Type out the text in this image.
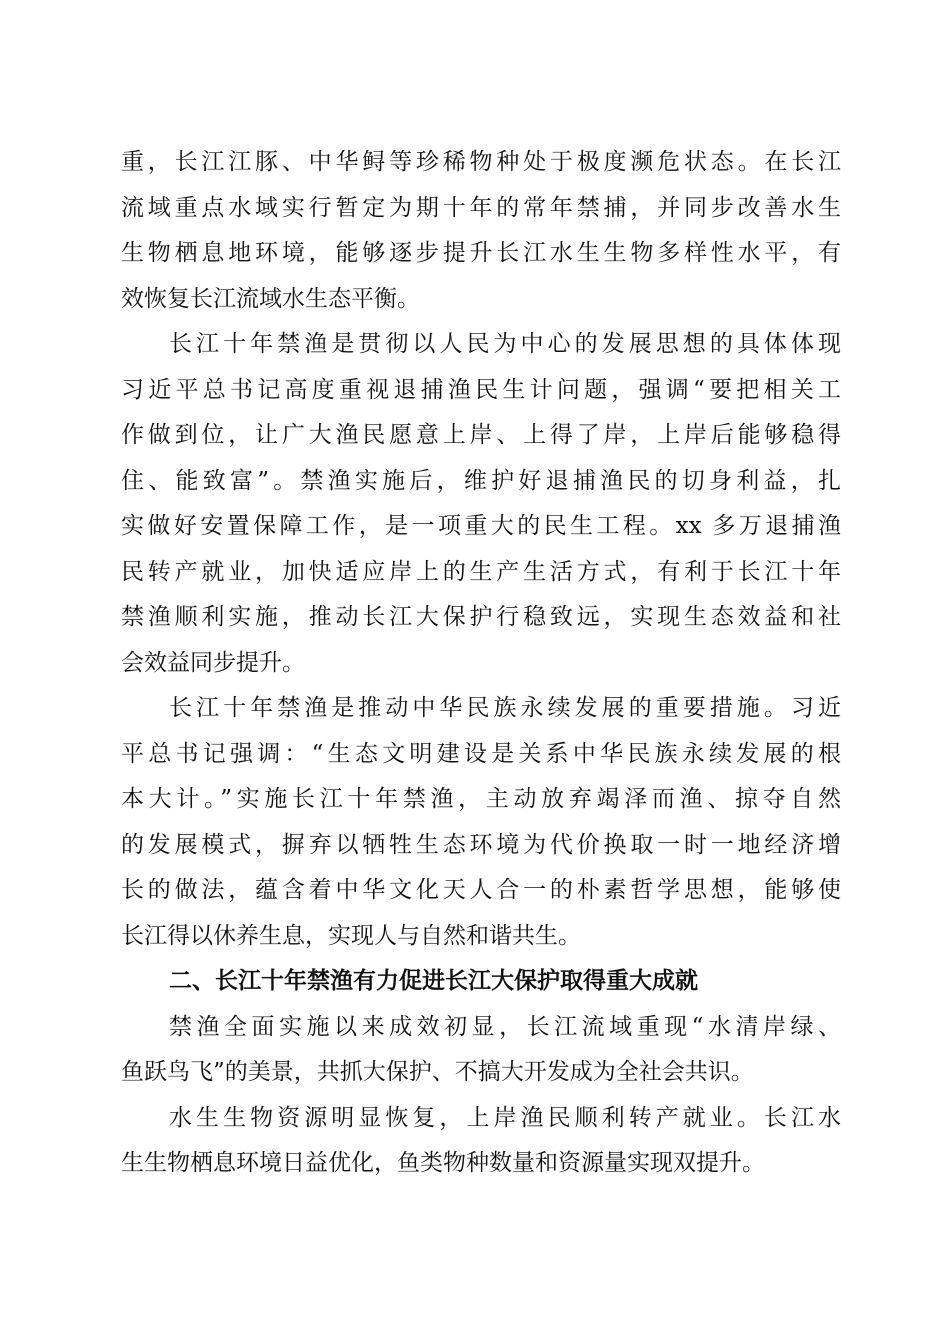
重，长江江豚、中华鲟等珍稀物种处于极度濒危状态。在长江
流域重点水域实行暂定为期十年的常年禁捕，并同步改善水生
生物栖息地环境，能够逐步提升长江水生生物多样性水平，有
效恢复长江流域水生态平衡。
长江十年禁渔是贯彻以人民为中心的发展思想的具体体现
习近平总书记高度重视退捕渔民生计问题，强调“要把相关工
作做到位，让广大渔民愿意上岸、上得了岸，上岸后能够稳得
住、能致富”。禁渔实施后，维护好退捕渔民的切身利益，扎
实做好安置保障工作，是一项重大的民生工程。xx 多万退捕渔
民转产就业，加快适应岸上的生产生活方式，有利于长江十年
禁渔顺利实施，推动长江大保护行稳致远，实现生态效益和社
会效益同步提升。
长江十年禁渔是推动中华民族永续发展的重要措施。习近
平总书记强调：“生态文明建设是关系中华民族永续发展的根
本大计。”实施长江十年禁渔，主动放弃竭泽而渔、掠夺自然
的发展模式，摒弃以牺牲生态环境为代价换取一时一地经济增
长的做法，蕴含着中华文化天人合一的朴素哲学思想，能够使
长江得以休养生息，实现人与自然和谐共生。
二、长江十年禁渔有力促进长江大保护取得重大成就
禁渔全面实施以来成效初显，长江流域重现“水清岸绿、
鱼跃鸟飞”的美景，共抓大保护、不搞大开发成为全社会共识。
水生生物资源明显恢复，上岸渔民顺利转产就业。长江水
生生物栖息环境日益优化，鱼类物种数量和资源量实现双提升。
